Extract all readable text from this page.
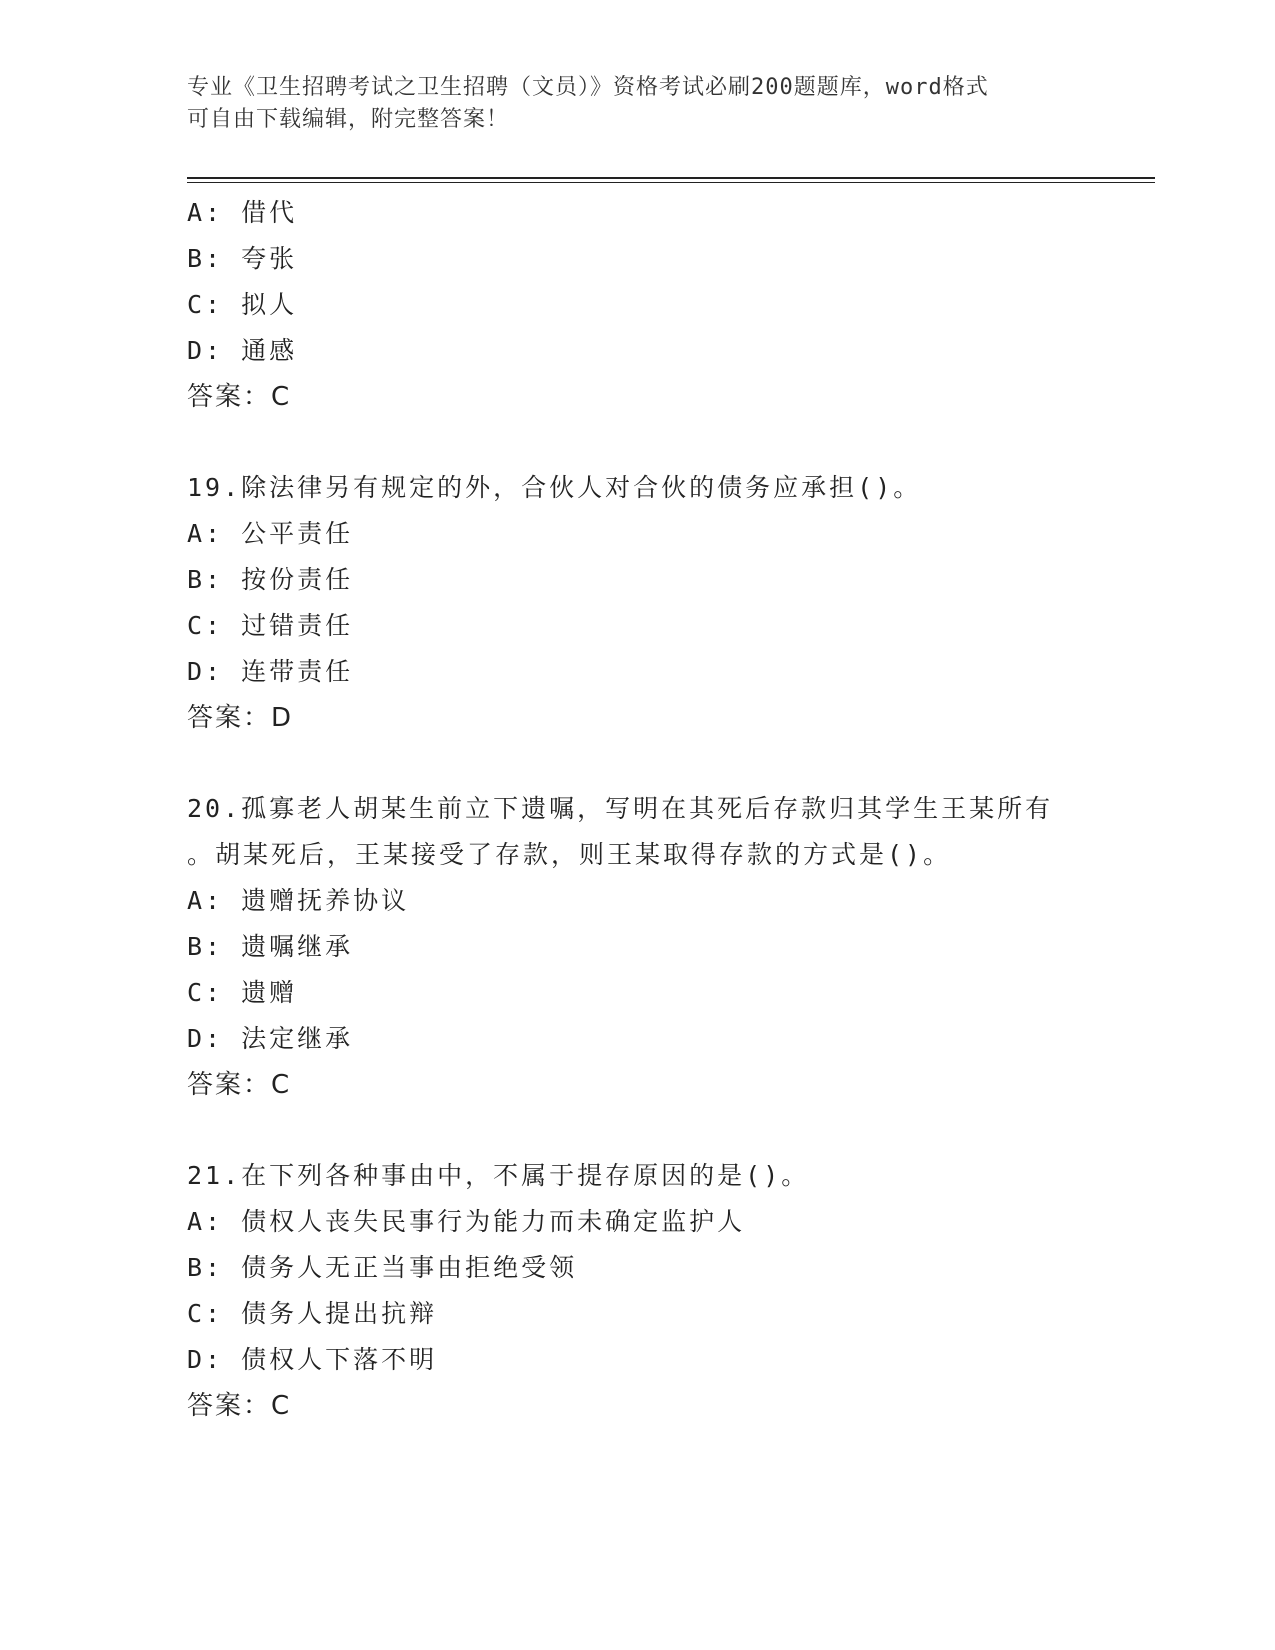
专业《卫生招聘考试之卫生招聘（文员）》资格考试必刷200题题库，word格式
可自由下载编辑，附完整答案！
A: 借代
B: 夸张
C: 拟人
D: 通感
答案：C
19.除法律另有规定的外，合伙人对合伙的债务应承担()。
A: 公平责任
B: 按份责任
C: 过错责任
D: 连带责任
答案：D
20.孤寡老人胡某生前立下遗嘱，写明在其死后存款归其学生王某所有
。胡某死后，王某接受了存款，则王某取得存款的方式是()。
A: 遗赠抚养协议
B: 遗嘱继承
C: 遗赠
D: 法定继承
答案：C
21.在下列各种事由中，不属于提存原因的是()。
A: 债权人丧失民事行为能力而未确定监护人
B: 债务人无正当事由拒绝受领
C: 债务人提出抗辩
D: 债权人下落不明
答案：C
